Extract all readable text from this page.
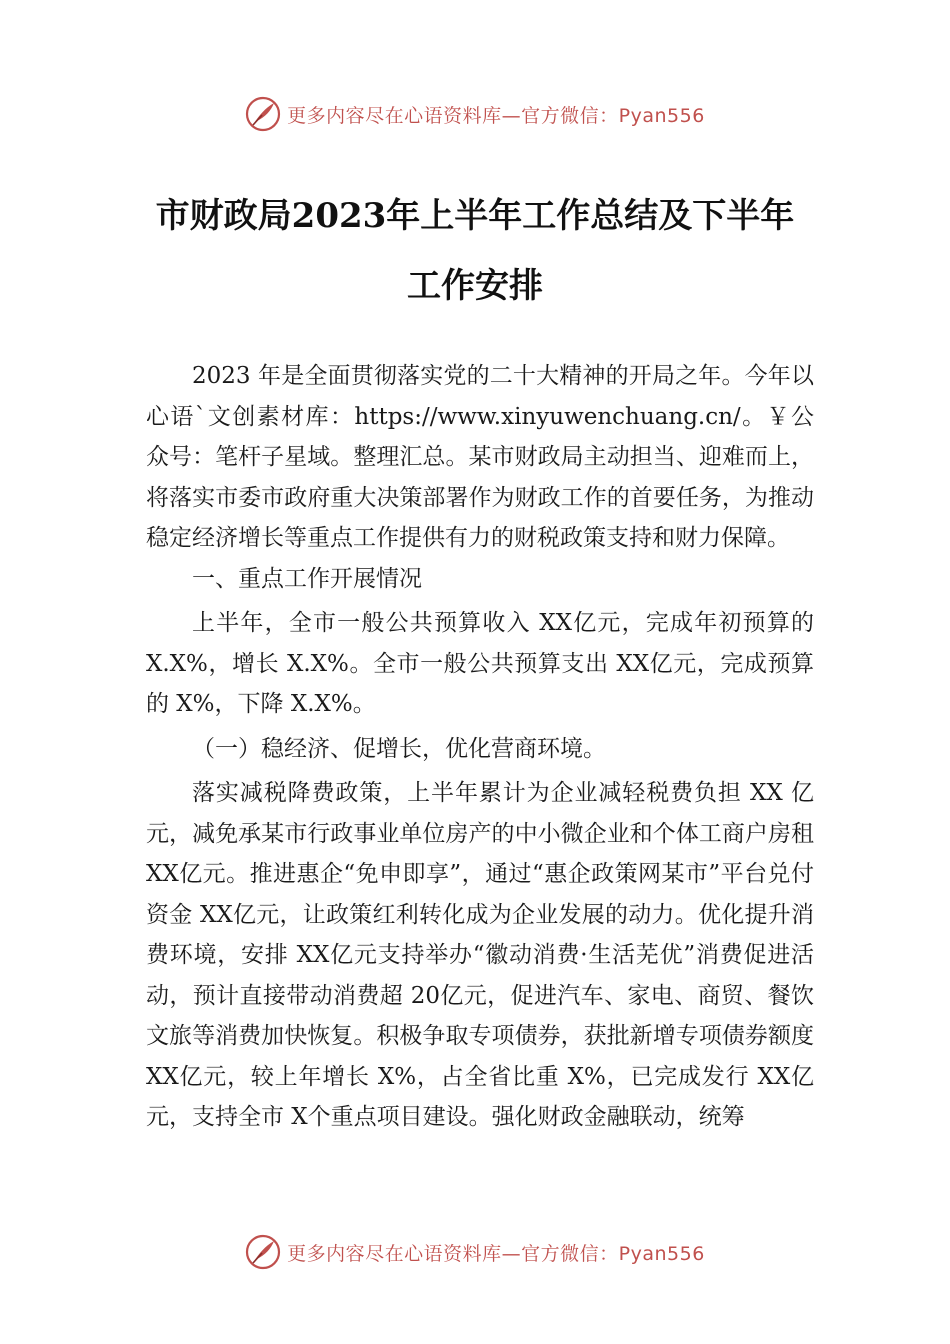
更多内容尽在心语资料库—官方微信：Pyan556
市财政局2023年上半年工作总结及下半年
工作安排

2023 年是全面贯彻落实党的二十大精神的开局之年。今年以心语`文创素材库：https://www.xinyuwenchuang.cn/。￥公众号：笔杆子星域。整理汇总。某市财政局主动担当、迎难而上，将落实市委市政府重大决策部署作为财政工作的首要任务，为推动稳定经济增长等重点工作提供有力的财税政策支持和财力保障。

一、重点工作开展情况

上半年，全市一般公共预算收入 XX亿元，完成年初预算的 X.X%，增长 X.X%。全市一般公共预算支出 XX亿元，完成预算的 X%，下降 X.X%。

（一）稳经济、促增长，优化营商环境。

落实减税降费政策，上半年累计为企业减轻税费负担 XX 亿元，减免承某市行政事业单位房产的中小微企业和个体工商户房租 XX亿元。推进惠企“免申即享”，通过“惠企政策网某市”平台兑付资金 XX亿元，让政策红利转化成为企业发展的动力。优化提升消费环境，安排 XX亿元支持举办“徽动消费·生活芜优”消费促进活动，预计直接带动消费超 20亿元，促进汽车、家电、商贸、餐饮文旅等消费加快恢复。积极争取专项债券，获批新增专项债券额度 XX亿元，较上年增长 X%，占全省比重 X%，已完成发行 XX亿元，支持全市 X个重点项目建设。强化财政金融联动，统筹

更多内容尽在心语资料库—官方微信：Pyan556
